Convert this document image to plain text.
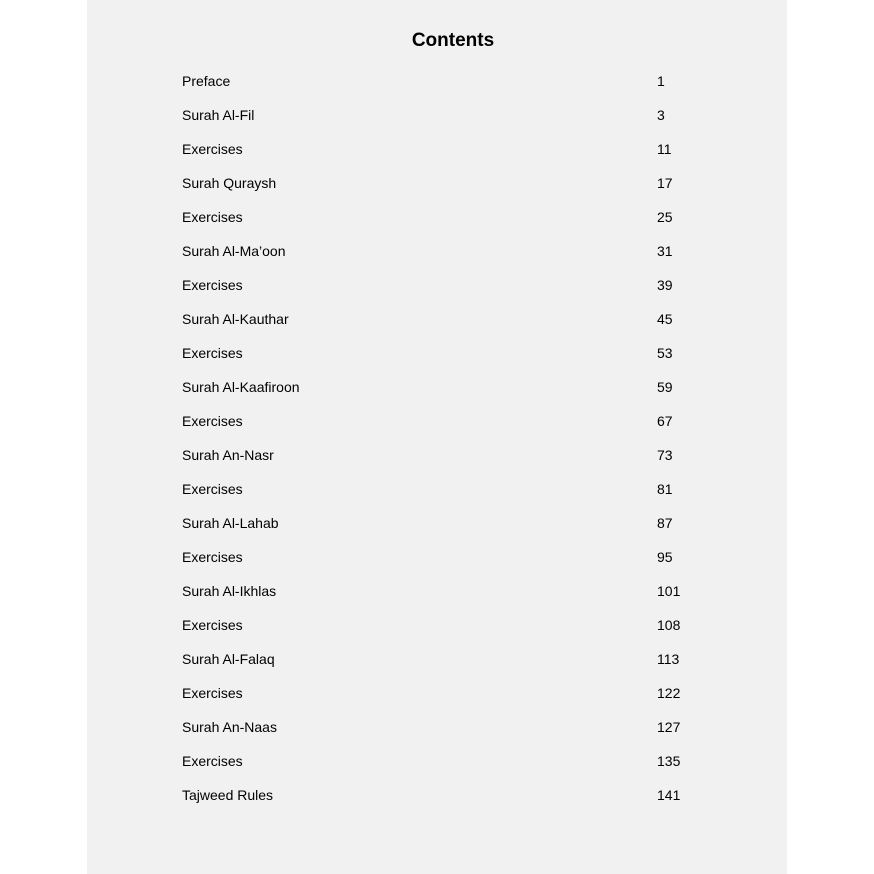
Contents
Preface	1
Surah Al-Fil	3
Exercises	11
Surah Quraysh	17
Exercises	25
Surah Al-Ma’oon	31
Exercises	39
Surah Al-Kauthar	45
Exercises	53
Surah Al-Kaafiroon	59
Exercises	67
Surah An-Nasr	73
Exercises	81
Surah Al-Lahab	87
Exercises	95
Surah Al-Ikhlas	101
Exercises	108
Surah Al-Falaq	113
Exercises	122
Surah An-Naas	127
Exercises	135
Tajweed Rules	141
